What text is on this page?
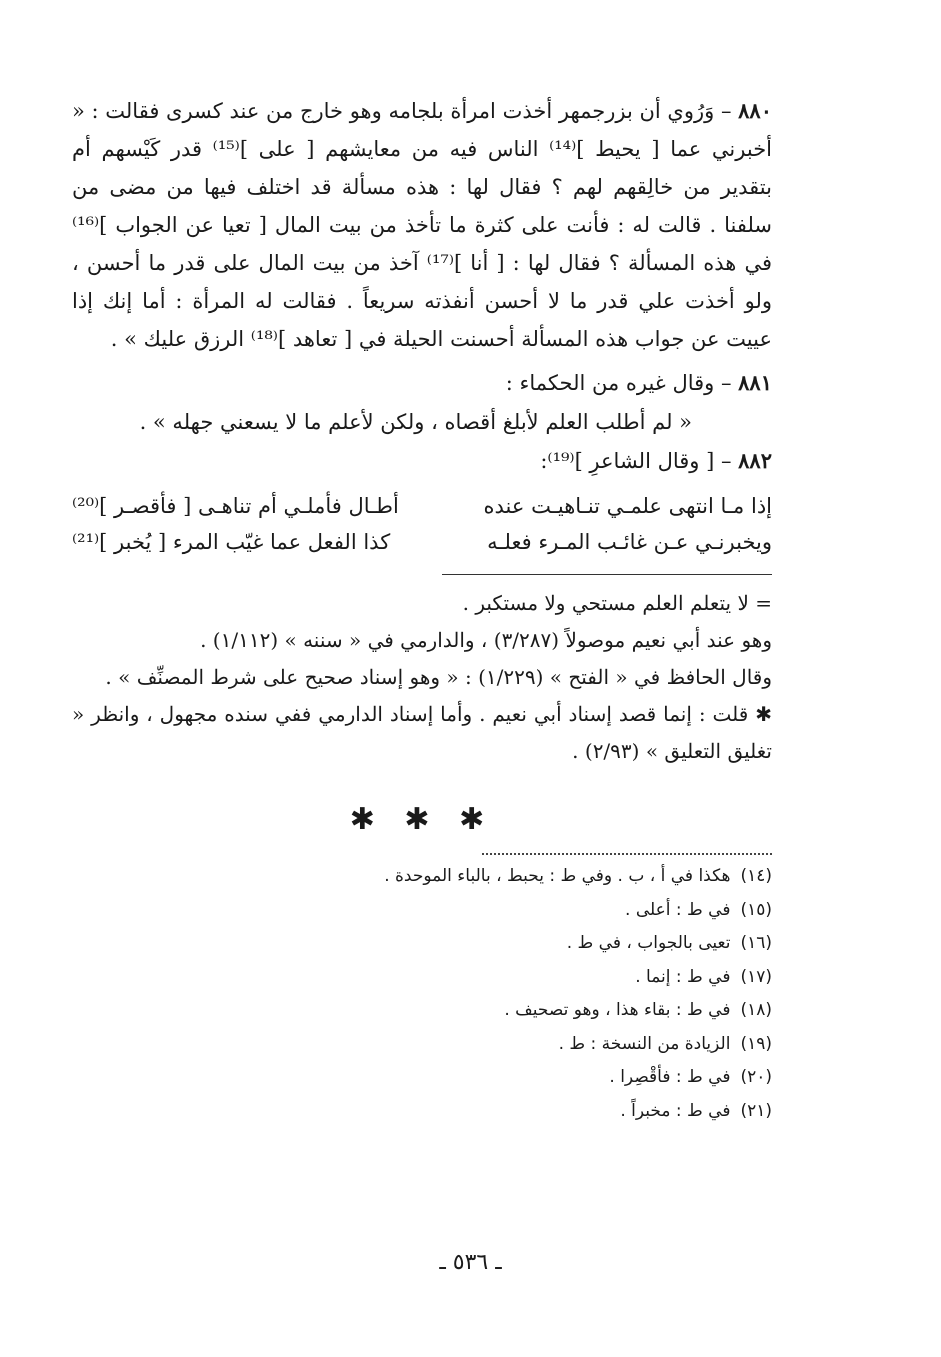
٨٨٠ – وَرُوي أن بزرجمهر أخذت امرأة بلجامه وهو خارج من عند كسرى فقالت : « أخبرني عما [ يحيط ]⁽¹⁴⁾ الناس فيه من معايشهم [ على ]⁽¹⁵⁾ قدر كَيْسهم أم بتقدير من خالِقهم لهم ؟ فقال لها : هذه مسألة قد اختلف فيها من مضى من سلفنا . قالت له : فأنت على كثرة ما تأخذ من بيت المال [ تعيا عن الجواب ]⁽¹⁶⁾ في هذه المسألة ؟ فقال لها : [ أنا ]⁽¹⁷⁾ آخذ من بيت المال على قدر ما أحسن ، ولو أخذت علي قدر ما لا أحسن أنفذته سريعاً . فقالت له المرأة : أما إنك إذا عييت عن جواب هذه المسألة أحسنت الحيلة في [ تعاهد ]⁽¹⁸⁾ الرزق عليك » .

٨٨١ – وقال غيره من الحكماء :

« لم أطلب العلم لأبلغ أقصاه ، ولكن لأعلم ما لا يسعني جهله » .

٨٨٢ – [ وقال الشاعرِ ]⁽¹⁹⁾:

إذا مـا انتهى علمـي تنـاهيـت عنده
أطـال فأملـي أم تناهـى [ فأقصـر ]⁽²⁰⁾
ويخبرنـي عـن غائـب المـرء فعلـه
كذا الفعل عما غيّب المرء [ يُخبر ]⁽²¹⁾

= لا يتعلم العلم مستحي ولا مستكبر .

وهو عند أبي نعيم موصولاً (٣/٢٨٧) ، والدارمي في « سننه » (١/١١٢) .

وقال الحافظ في « الفتح » (١/٢٢٩) : « وهو إسناد صحيح على شرط المصنِّف » .

✱ قلت : إنما قصد إسناد أبي نعيم . وأما إسناد الدارمي ففي سنده مجهول ، وانظر « تغليق التعليق » (٢/٩٣) .

✱ ✱ ✱

(١٤)هكذا في أ ، ب . وفي ط : يحبط ، بالباء الموحدة .

(١٥)في ط : أعلى .

(١٦)تعيى بالجواب ، في ط .

(١٧)في ط : إنما .

(١٨)في ط : بقاء هذا ، وهو تصحيف .

(١٩)الزيادة من النسخة : ط .

(٢٠)في ط : فأقْصِرا .

(٢١)في ط : مخبراً .

ـ ٥٣٦ ـ
